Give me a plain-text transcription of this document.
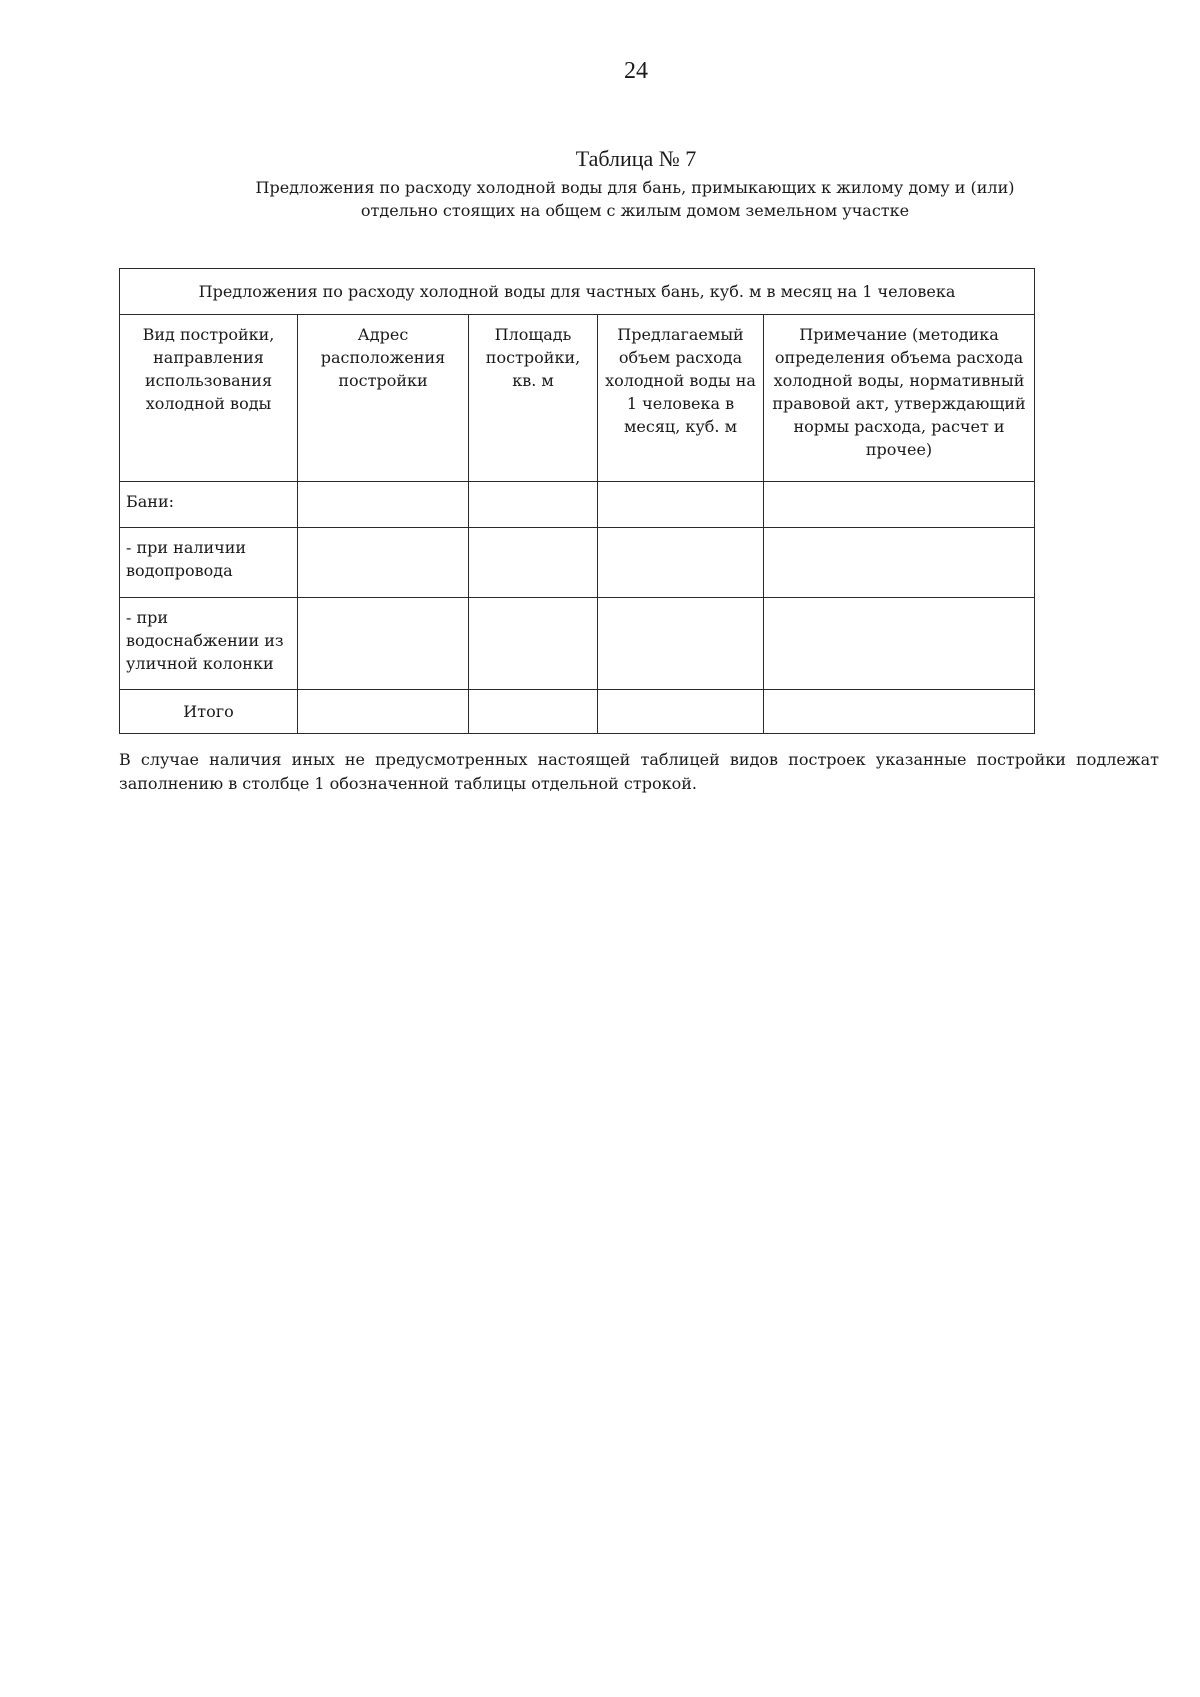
24
Таблица № 7
Предложения по расходу холодной воды для бань, примыкающих к жилому дому и (или) отдельно стоящих на общем с жилым домом земельном участке
Предложения по расходу холодной воды для частных бань, куб. м в месяц на 1 человека				

Вид постройки, направления использования холодной воды	Адрес расположения постройки	Площадь постройки, кв. м	Предлагаемый объем расхода холодной воды на 1 человека в месяц, куб. м	Примечание (методика определения объема расхода холодной воды, нормативный правовой акт, утверждающий нормы расхода, расчет и прочее)

Бани:				
- при наличии водопровода				
- при водоснабжении из уличной колонки				
Итого				

В случае наличия иных не предусмотренных настоящей таблицей видов построек указанные постройки подлежат заполнению в столбце 1 обозначенной таблицы отдельной строкой.
